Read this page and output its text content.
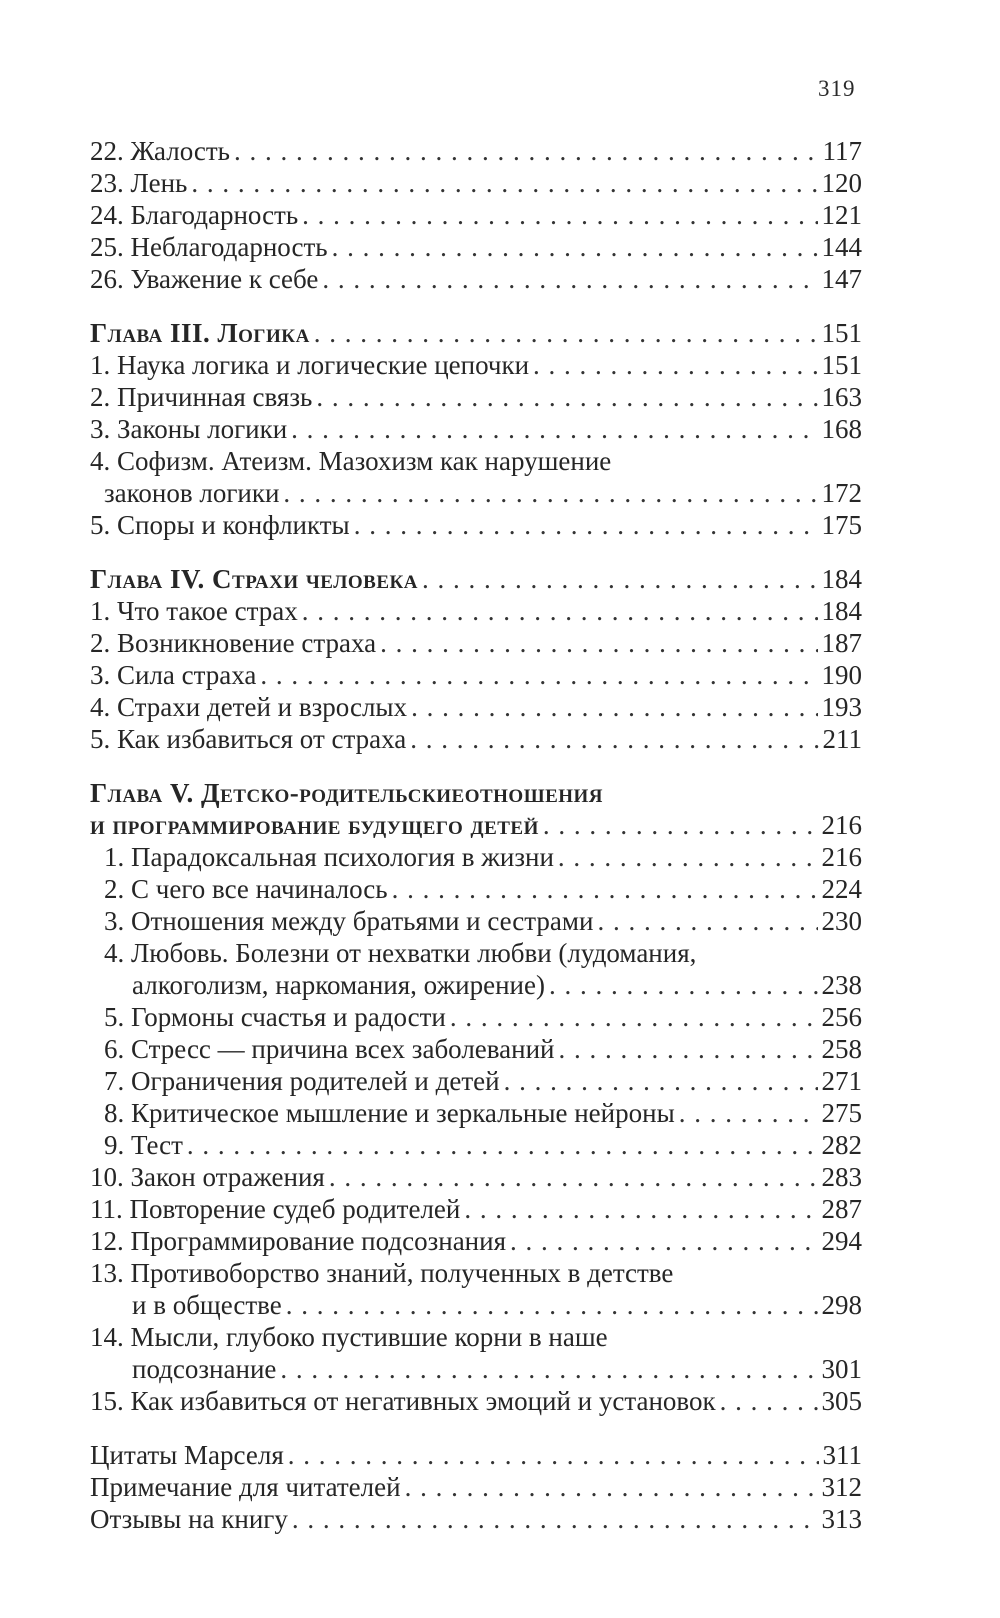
319
22. Жалость . . .	117
23. Лень . . .	120
24. Благодарность . . .	121
25. Неблагодарность . . .	144
26. Уважение к себе . . .	147
Глава III. Логика . . .	151
1. Наука логика и логические цепочки . . .	151
2. Причинная связь . . .	163
3. Законы логики . . .	168
4. Софизм. Атеизм. Мазохизм как нарушение
законов логики . . .	172
5. Споры и конфликты . . .	175
Глава IV. Страхи человека . . .	184
1. Что такое страх . . .	184
2. Возникновение страха . . .	187
3. Сила страха . . .	190
4. Страхи детей и взрослых . . .	193
5. Как избавиться от страха . . .	211
Глава V. Детско-родительскиеотношения
и программирование будущего детей . . .	216
1. Парадоксальная психология в жизни . . .	216
2. С чего все начиналось . . .	224
3. Отношения между братьями и сестрами . . .	230
4. Любовь. Болезни от нехватки любви (лудомания,
алкоголизм, наркомания, ожирение) . . .	238
5. Гормоны счастья и радости . . .	256
6. Стресс — причина всех заболеваний . . .	258
7. Ограничения родителей и детей . . .	271
8. Критическое мышление и зеркальные нейроны . . .	275
9. Тест . . .	282
10. Закон отражения . . .	283
11. Повторение судеб родителей . . .	287
12. Программирование подсознания . . .	294
13. Противоборство знаний, полученных в детстве
и в обществе . . .	298
14. Мысли, глубоко пустившие корни в наше
подсознание . . .	301
15. Как избавиться от негативных эмоций и установок . . .	305
Цитаты Марселя . . .	311
Примечание для читателей . . .	312
Отзывы на книгу . . .	313
